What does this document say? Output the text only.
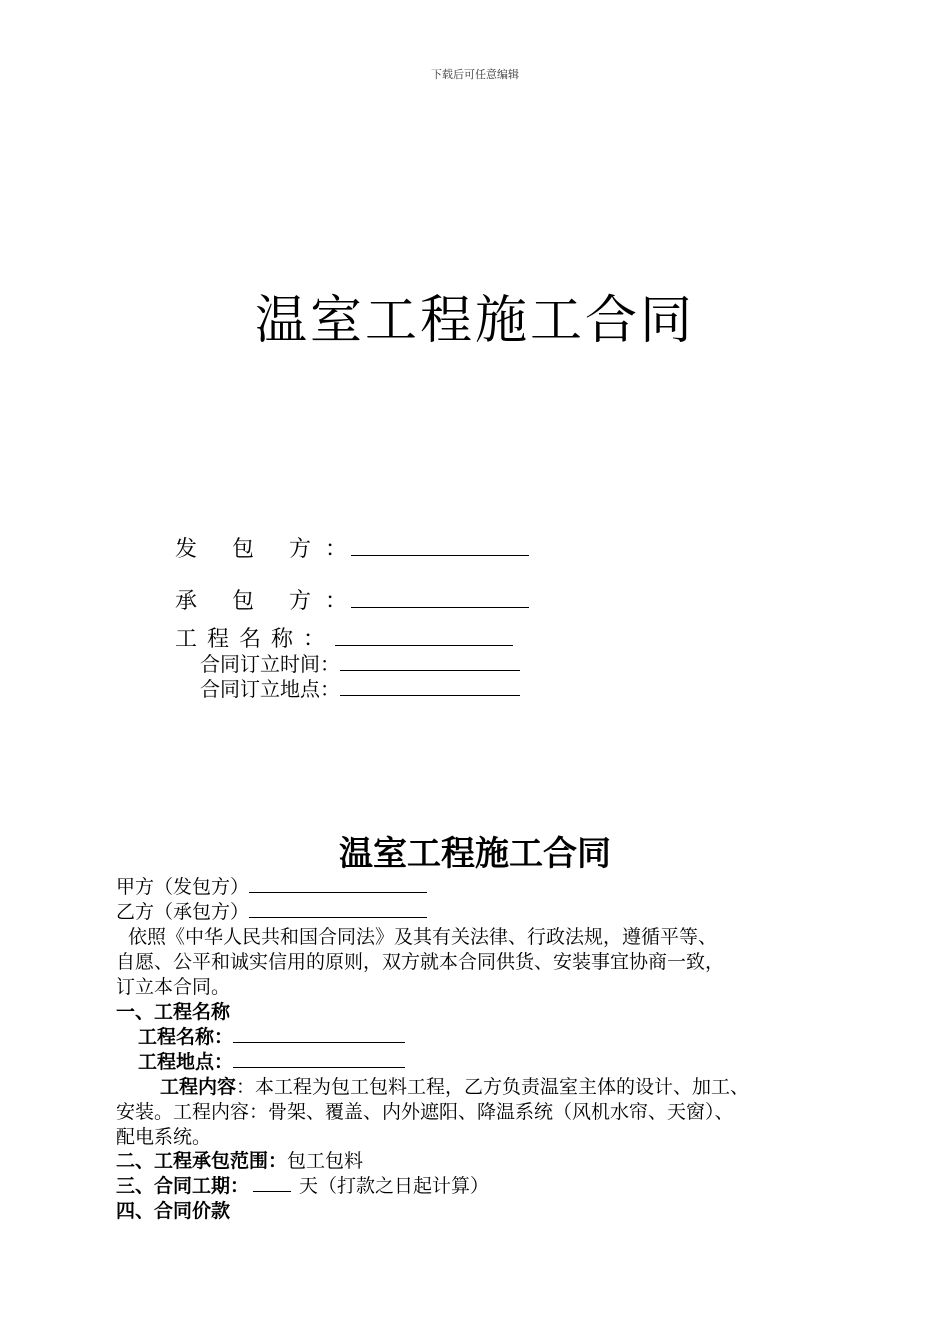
下载后可任意编辑
温室工程施工合同
发 包 方：
承 包 方：
工程名称：
合同订立时间：
合同订立地点：
温室工程施工合同
甲方（发包方）
乙方（承包方）
依照《中华人民共和国合同法》及其有关法律、行政法规，遵循平等、
自愿、公平和诚实信用的原则，双方就本合同供货、安装事宜协商一致，
订立本合同。
一、工程名称
工程名称：
工程地点：
工程内容：本工程为包工包料工程，乙方负责温室主体的设计、加工、
安装。工程内容：骨架、覆盖、内外遮阳、降温系统（风机水帘、天窗）、
配电系统。
二、工程承包范围：包工包料
三、合同工期：	天（打款之日起计算）
四、合同价款
